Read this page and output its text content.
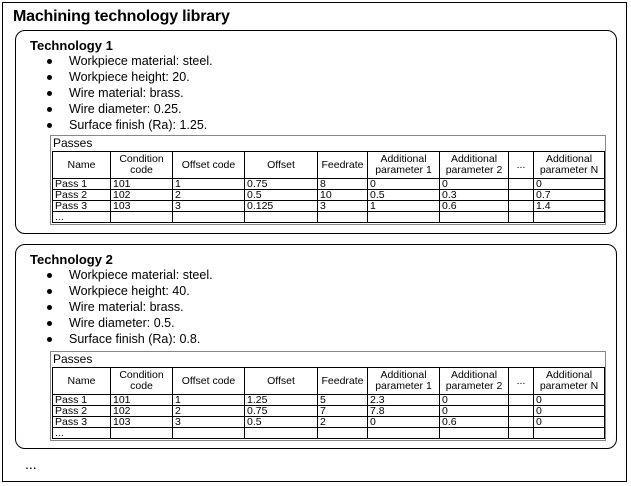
Machining technology library
Technology 1
Workpiece material: steel.
Workpiece height: 20.
Wire material: brass.
Wire diameter: 0.25.
Surface finish (Ra): 1.25.
Passes
Name	Condition code	Offset code	Offset	Feedrate	Additional parameter 1	Additional parameter 2	...	Additional parameter N
Pass 1	101	1	0.75	8	0	0		0
Pass 2	102	2	0.5	10	0.5	0.3		0.7
Pass 3	103	3	0.125	3	1	0.6		1.4
...								
Technology 2
Workpiece material: steel.
Workpiece height: 40.
Wire material: brass.
Wire diameter: 0.5.
Surface finish (Ra): 0.8.
Passes
Name	Condition code	Offset code	Offset	Feedrate	Additional parameter 1	Additional parameter 2	...	Additional parameter N
Pass 1	101	1	1.25	5	2.3	0		0
Pass 2	102	2	0.75	7	7.8	0		0
Pass 3	103	3	0.5	2	0	0.6		0
...								
...
